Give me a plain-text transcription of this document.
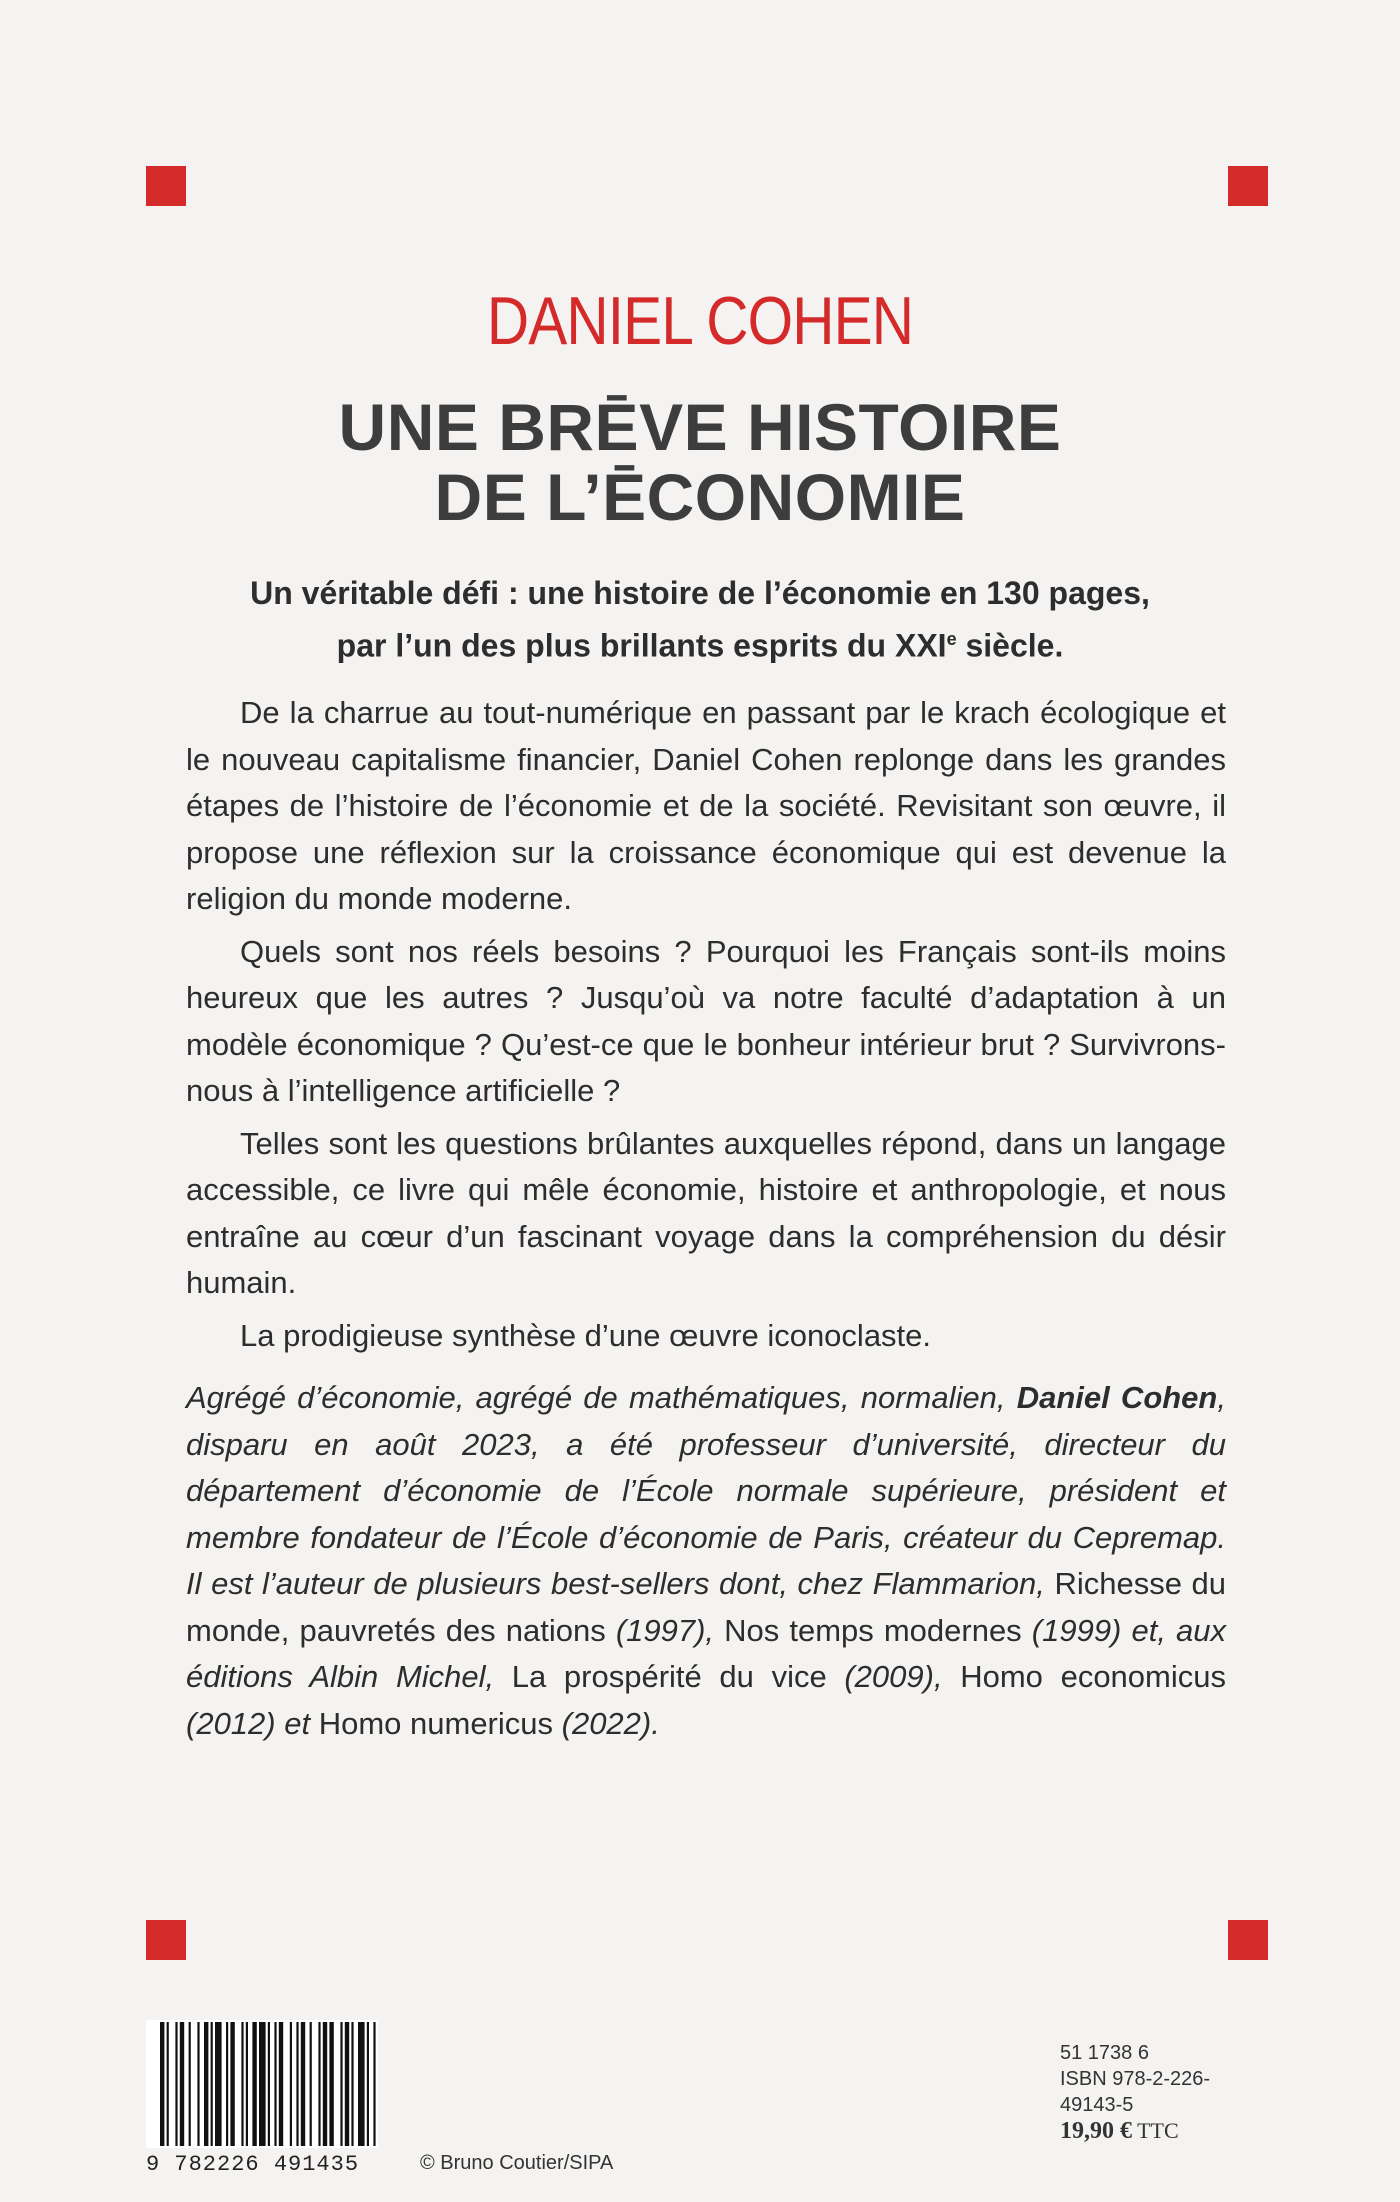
DANIEL COHEN
UNE BRĒVE HISTOIRE
DE L’ĒCONOMIE
Un véritable défi : une histoire de l’économie en 130 pages,
par l’un des plus brillants esprits du XXIe siècle.

De la charrue au tout-numérique en passant par le krach écologique et le nouveau capitalisme financier, Daniel Cohen replonge dans les grandes étapes de l’histoire de l’économie et de la société. Revisitant son œuvre, il propose une réflexion sur la croissance économique qui est devenue la religion du monde moderne.

Quels sont nos réels besoins ? Pourquoi les Français sont-ils moins heureux que les autres ? Jusqu’où va notre faculté d’adaptation à un modèle économique ? Qu’est-ce que le bonheur intérieur brut ? Survivrons-nous à l’intelligence artificielle ?

Telles sont les questions brûlantes auxquelles répond, dans un langage accessible, ce livre qui mêle économie, histoire et anthropologie, et nous entraîne au cœur d’un fascinant voyage dans la compréhension du désir humain.

La prodigieuse synthèse d’une œuvre iconoclaste.

Agrégé d’économie, agrégé de mathématiques, normalien, Daniel Cohen, disparu en août 2023, a été professeur d’université, directeur du département d’économie de l’École normale supérieure, président et membre fondateur de l’École d’économie de Paris, créateur du Cepremap. Il est l’auteur de plusieurs best-sellers dont, chez Flammarion, Richesse du monde, pauvretés des nations (1997), Nos temps modernes (1999) et, aux éditions Albin Michel, La prospérité du vice (2009), Homo economicus (2012) et Homo numericus (2022).
9 782226 491435	© Bruno Coutier/SIPA
51 1738 6
ISBN 978-2-226-49143-5
19,90 € TTC
